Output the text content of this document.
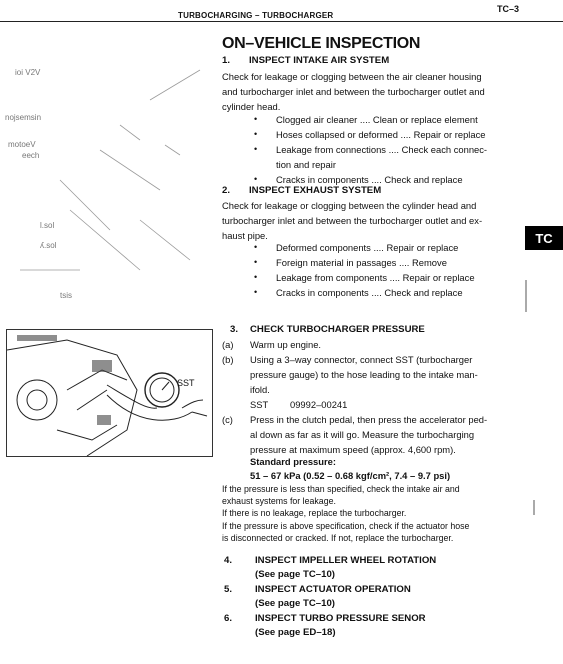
TURBOCHARGING – TURBOCHARGER
TC–3
TC
ioi V2V
nojsemsin
motoeV
eech
l.sol
ʎ.sol
tsis
SST
ON–VEHICLE INSPECTION
1. INSPECT INTAKE AIR SYSTEM
Check for leakage or clogging between the air cleaner housing
and turbocharger inlet and between the turbocharger outlet and
cylinder head.
• Clogged air cleaner .... Clean or replace element
• Hoses collapsed or deformed .... Repair or replace
• Leakage from connections .... Check each connec-
tion and repair
• Cracks in components .... Check and replace
2. INSPECT EXHAUST SYSTEM
Check for leakage or clogging between the cylinder head and
turbocharger inlet and between the turbocharger outlet and ex-
haust pipe.
• Deformed components .... Repair or replace
• Foreign material in passages .... Remove
• Leakage from components .... Repair or replace
• Cracks in components .... Check and replace
3. CHECK TURBOCHARGER PRESSURE
(a) Warm up engine.
(b) Using a 3–way connector, connect SST (turbocharger
pressure gauge) to the hose leading to the intake man-
ifold.
SST 09992–00241
(c) Press in the clutch pedal, then press the accelerator ped-
al down as far as it will go. Measure the turbocharging
pressure at maximum speed (approx. 4,600 rpm).
Standard pressure:
51 – 67 kPa (0.52 – 0.68 kgf/cm², 7.4 – 9.7 psi)
If the pressure is less than specified, check the intake air and
exhaust systems for leakage.
If there is no leakage, replace the turbocharger.
If the pressure is above specification, check if the actuator hose
is disconnected or cracked. If not, replace the turbocharger.
4. INSPECT IMPELLER WHEEL ROTATION
(See page TC–10)
5. INSPECT ACTUATOR OPERATION
(See page TC–10)
6. INSPECT TURBO PRESSURE SENOR
(See page ED–18)
